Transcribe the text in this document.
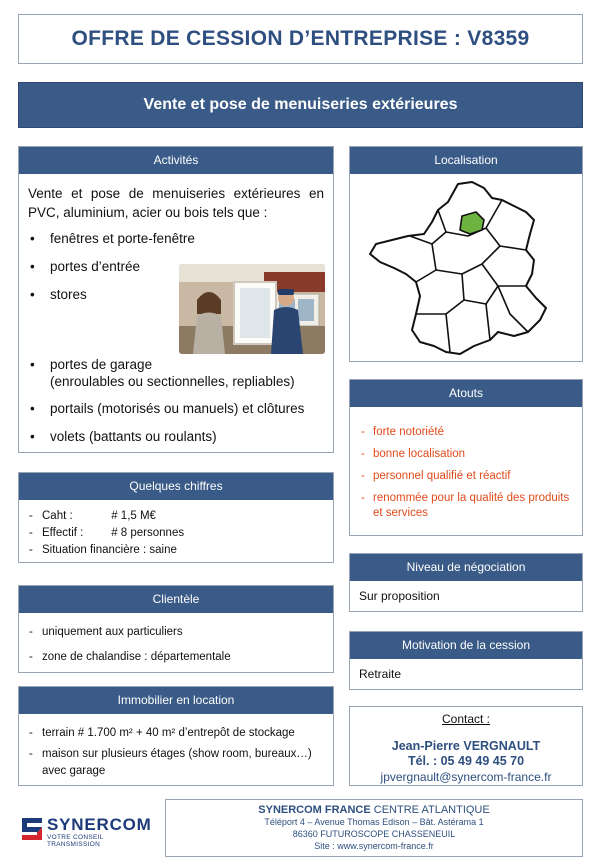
OFFRE DE CESSION D’ENTREPRISE : V8359
Vente et pose de menuiseries extérieures
Activités

Vente et pose de menuiseries extérieures en PVC, aluminium, acier ou bois tels que :

• fenêtres et porte-fenêtre
• portes d’entrée
• stores
• portes de garage
(enroulables ou sectionnelles, repliables)
• portails (motorisés ou manuels) et clôtures
• volets (battants ou roulants)
Quelques chiffres
- Caht :	# 1,5 M€
- Effectif : # 8 personnes
- Situation financière : saine
Clientèle
- uniquement aux particuliers
- zone de chalandise : départementale
Immobilier en location
- terrain # 1.700 m² + 40 m² d’entrepôt de stockage
- maison sur plusieurs étages (show room, bureaux…) avec garage
Localisation
Atouts
- forte notoriété
- bonne localisation
- personnel qualifié et réactif
- renommée pour la qualité des produits et services
Niveau de négociation
Sur proposition
Motivation de la cession
Retraite
Contact :
Jean-Pierre VERGNAULT
Tél. : 05 49 49 45 70
jpvergnault@synercom-france.fr
SYNERCOM
VOTRE CONSEIL TRANSMISSION
SYNERCOM FRANCE CENTRE ATLANTIQUE
Téléport 4 – Avenue Thomas Edison – Bât. Astérama 1
86360 FUTUROSCOPE CHASSENEUIL
Site : www.synercom-france.fr
